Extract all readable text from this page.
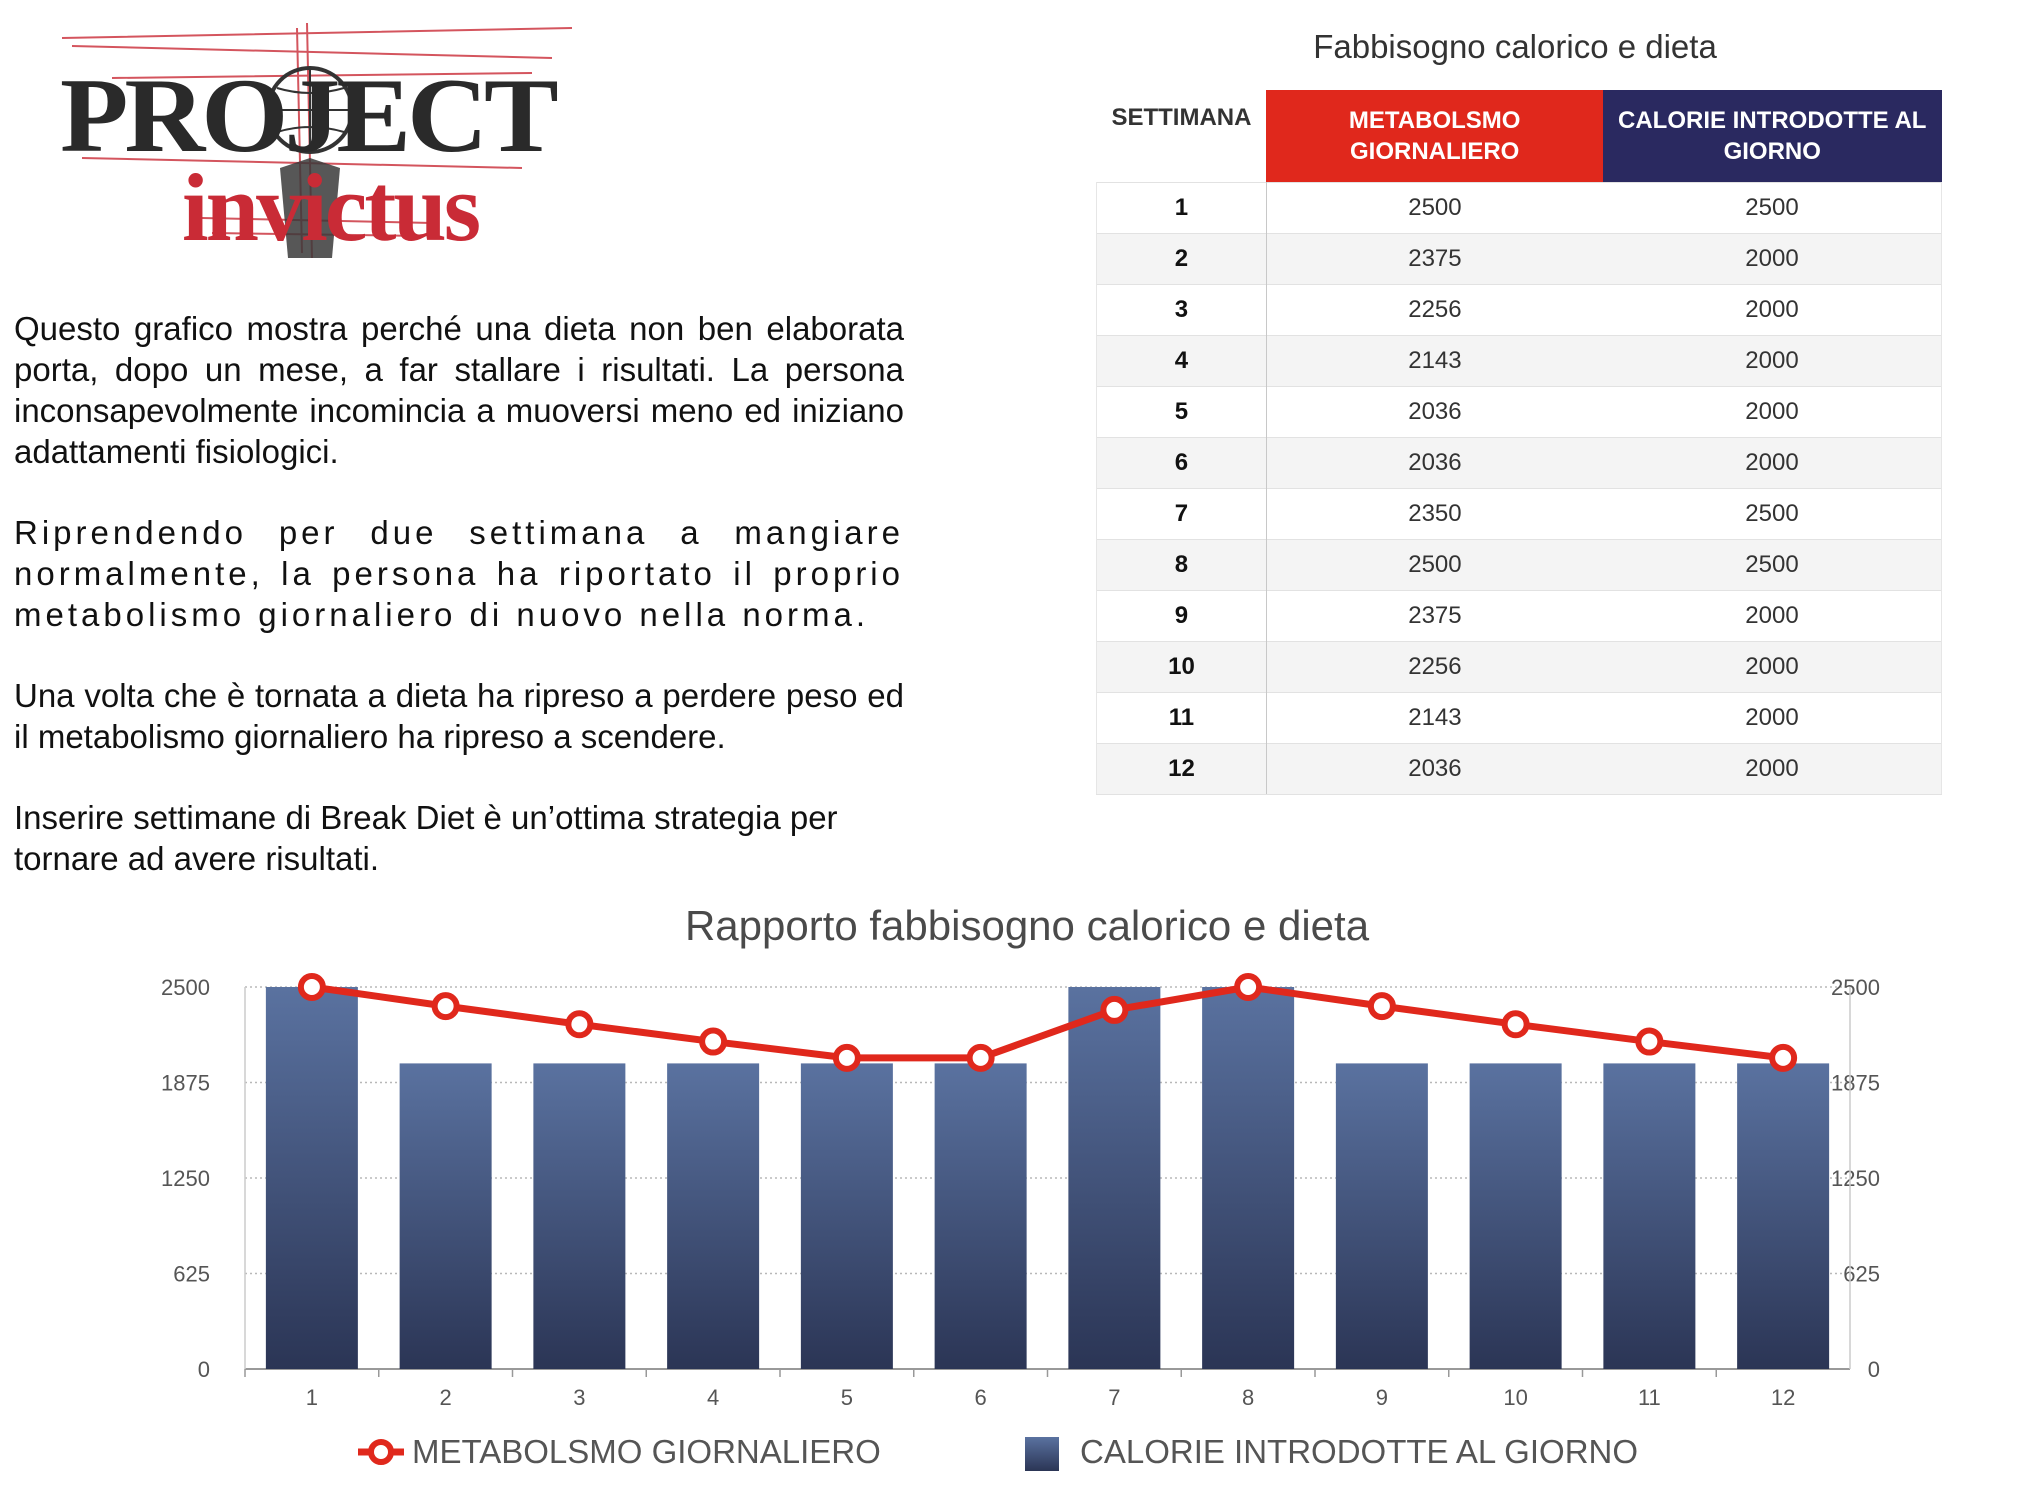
PROJECT
invictus

Questo grafico mostra perché una dieta non ben elaborata porta, dopo un mese, a far stallare i risultati. La persona inconsapevolmente incomincia a muoversi meno ed iniziano adattamenti fisiologici.

Riprendendo per due settimana a mangiare normalmente, la persona ha riportato il proprio metabolismo giornaliero di nuovo nella norma.

Una volta che è tornata a dieta ha ripreso a perdere peso ed il metabolismo giornaliero ha ripreso a scendere.

Inserire settimane di Break Diet è un’ottima strategia per tornare ad avere risultati.

Fabbisogno calorico e dieta
SETTIMANA	METABOLSMO GIORNALIERO	CALORIE INTRODOTTE AL GIORNO
1	2500	2500
2	2375	2000
3	2256	2000
4	2143	2000
5	2036	2000
6	2036	2000
7	2350	2500
8	2500	2500
9	2375	2000
10	2256	2000
11	2143	2000
12	2036	2000
Rapporto fabbisogno calorico e dieta
0	0
625	625
1250	1250
1875	1875
2500	2500
1	2	3	4	5	6	7	8	9	10	11	12
METABOLSMO GIORNALIERO	CALORIE INTRODOTTE AL GIORNO
